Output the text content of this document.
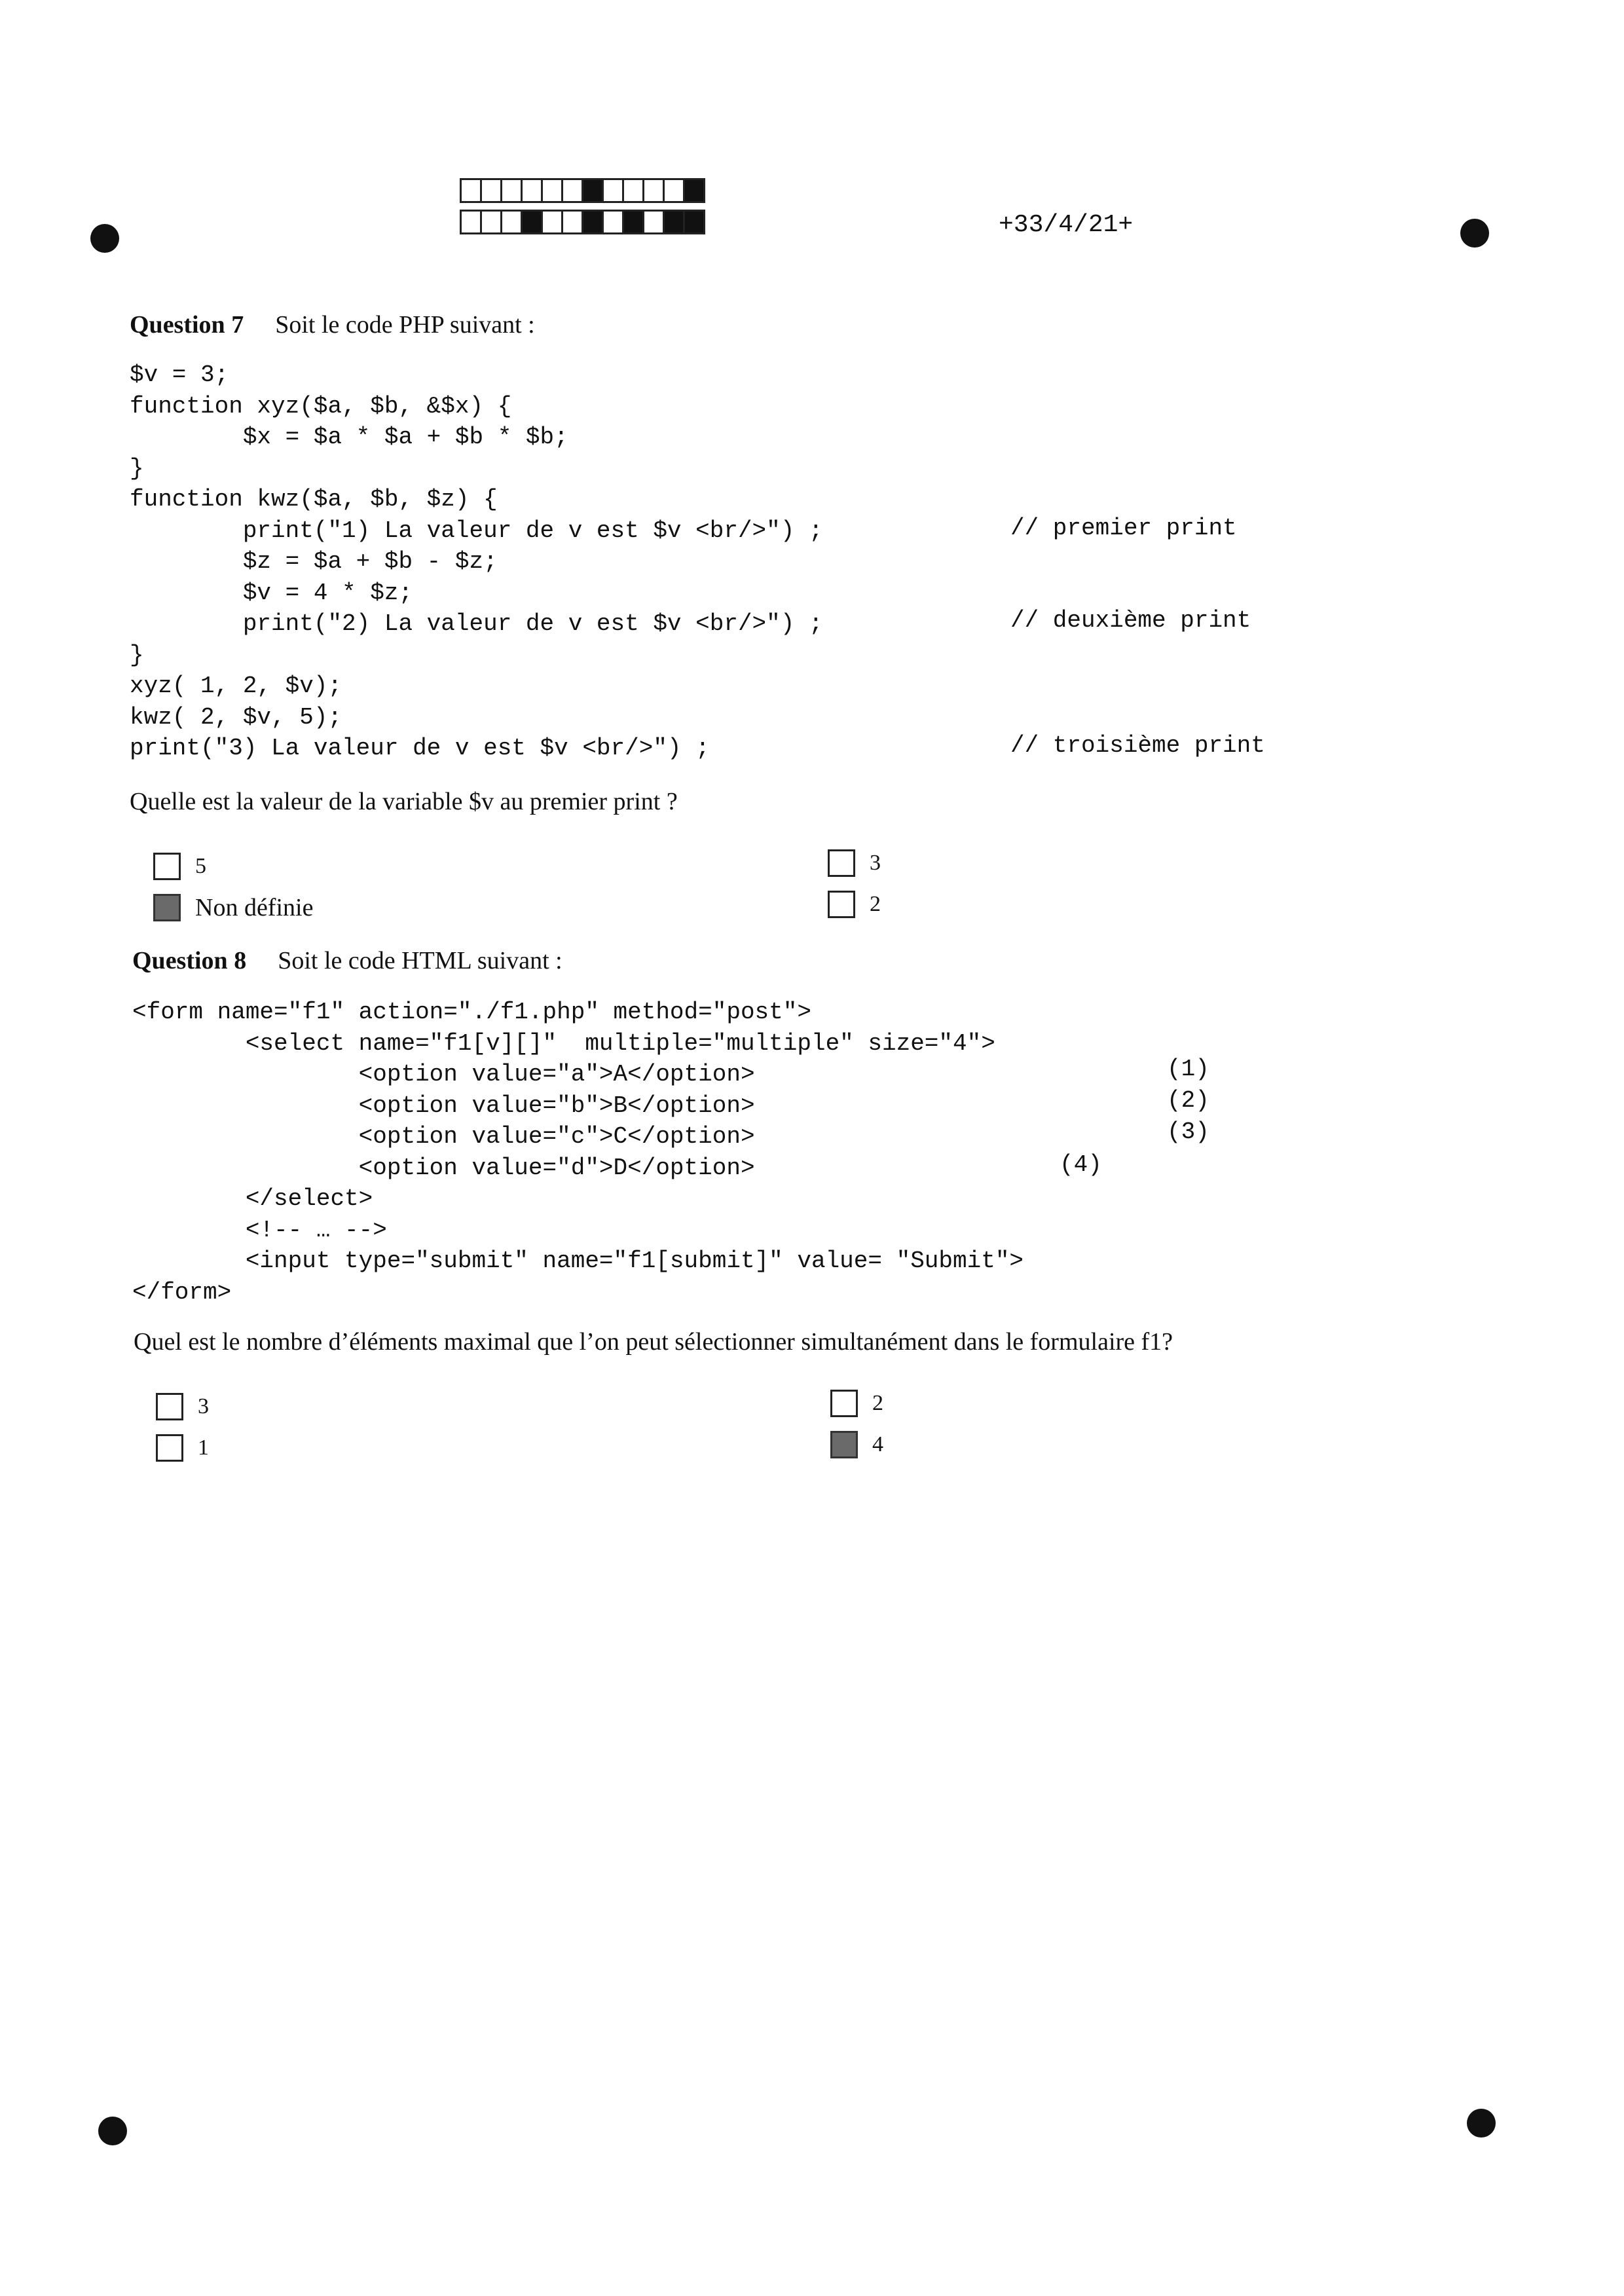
+33/4/21+
Question 7 Soit le code PHP suivant :
$v = 3;
function xyz($a, $b, &$x) {
$x = $a * $a + $b * $b;
}
function kwz($a, $b, $z) {
print("1) La valeur de v est $v <br/>") ;
$z = $a + $b - $z;
$v = 4 * $z;
print("2) La valeur de v est $v <br/>") ;
}
xyz( 1, 2, $v);
kwz( 2, $v, 5);
print("3) La valeur de v est $v <br/>") ;
// premier print
// deuxième print
// troisième print
Quelle est la valeur de la variable $v au premier print ?
5
Non définie
3
2
Question 8 Soit le code HTML suivant :
<form name="f1" action="./f1.php" method="post">
<select name="f1[v][]"  multiple="multiple" size="4">
<option value="a">A</option>
<option value="b">B</option>
<option value="c">C</option>
<option value="d">D</option>
</select>
<!-- … -->
<input type="submit" name="f1[submit]" value= "Submit">
</form>
(1)
(2)
(3)
(4)
Quel est le nombre d’éléments maximal que l’on peut sélectionner simultanément dans le formulaire f1?
3
1
2
4
